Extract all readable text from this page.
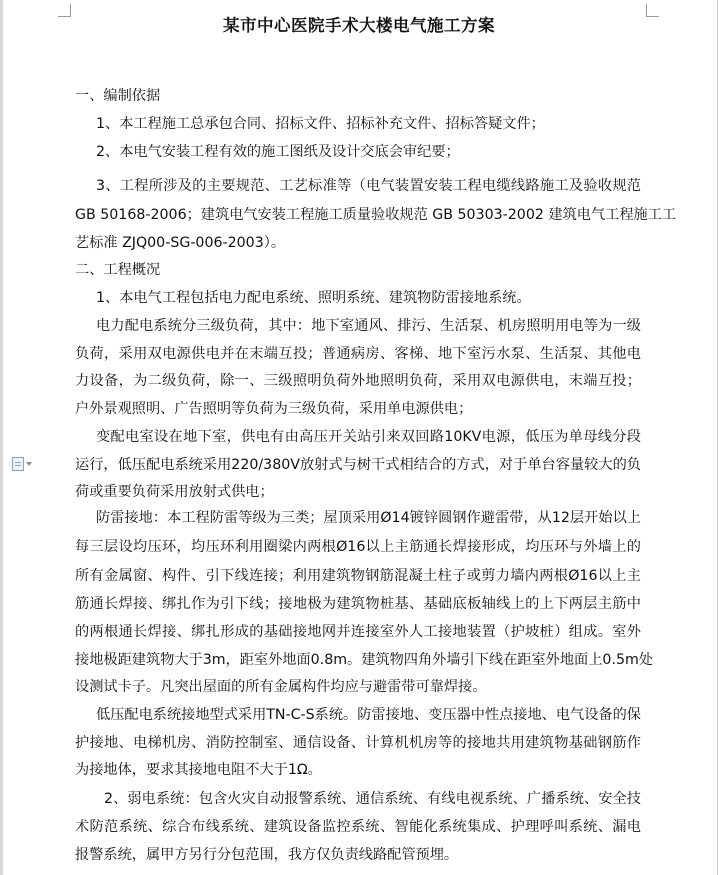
某市中心医院手术大楼电气施工方案
一、编制依据
1、本工程施工总承包合同、招标文件、招标补充文件、招标答疑文件；
2、本电气安装工程有效的施工图纸及设计交底会审纪要；
3、工程所涉及的主要规范、工艺标准等（电气装置安装工程电缆线路施工及验收规范
GB 50168-2006；建筑电气安装工程施工质量验收规范 GB 50303-2002 建筑电气工程施工工
艺标准 ZJQ00-SG-006-2003）。
二、工程概况
1、本电气工程包括电力配电系统、照明系统、建筑物防雷接地系统。
电力配电系统分三级负荷，其中：地下室通风、排污、生活泵、机房照明用电等为一级
负荷，采用双电源供电并在末端互投；普通病房、客梯、地下室污水泵、生活泵、其他电
力设备，为二级负荷，除一、三级照明负荷外地照明负荷，采用双电源供电，末端互投；
户外景观照明、广告照明等负荷为三级负荷，采用单电源供电；
变配电室设在地下室，供电有由高压开关站引来双回路10KV电源，低压为单母线分段
运行，低压配电系统采用220/380V放射式与树干式相结合的方式，对于单台容量较大的负
荷或重要负荷采用放射式供电；
防雷接地：本工程防雷等级为三类；屋顶采用Ø14镀锌圆钢作避雷带，从12层开始以上
每三层设均压环，均压环利用圈梁内两根Ø16以上主筋通长焊接形成，均压环与外墙上的
所有金属窗、构件、引下线连接；利用建筑物钢筋混凝土柱子或剪力墙内两根Ø16以上主
筋通长焊接、绑扎作为引下线；接地极为建筑物桩基、基础底板轴线上的上下两层主筋中
的两根通长焊接、绑扎形成的基础接地网并连接室外人工接地装置（护坡桩）组成。室外
接地极距建筑物大于3m，距室外地面0.8m。建筑物四角外墙引下线在距室外地面上0.5m处
设测试卡子。凡突出屋面的所有金属构件均应与避雷带可靠焊接。
低压配电系统接地型式采用TN-C-S系统。防雷接地、变压器中性点接地、电气设备的保
护接地、电梯机房、消防控制室、通信设备、计算机机房等的接地共用建筑物基础钢筋作
为接地体，要求其接地电阻不大于1Ω。
2、弱电系统：包含火灾自动报警系统、通信系统、有线电视系统、广播系统、安全技
术防范系统、综合布线系统、建筑设备监控系统、智能化系统集成、护理呼叫系统、漏电
报警系统，属甲方另行分包范围，我方仅负责线路配管预埋。
